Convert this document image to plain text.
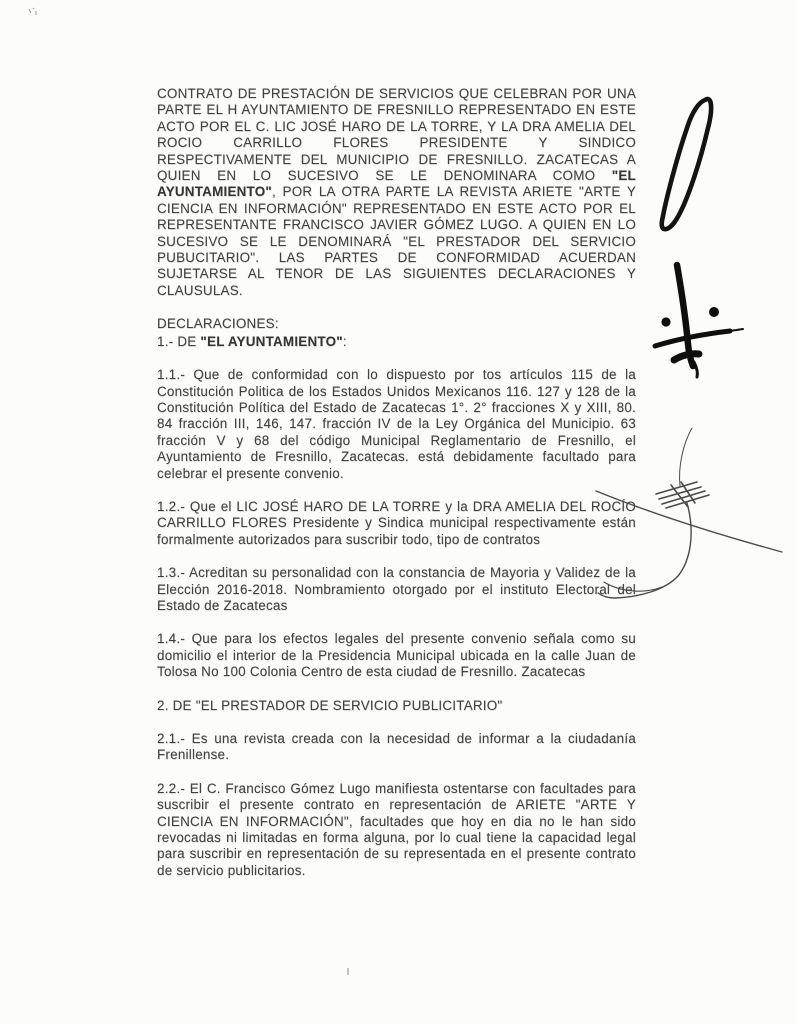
CONTRATO DE PRESTACIÓN DE SERVICIOS QUE CELEBRAN POR UNA PARTE EL H AYUNTAMIENTO DE FRESNILLO REPRESENTADO EN ESTE ACTO POR EL C. LIC JOSÉ HARO DE LA TORRE, Y LA DRA AMELIA DEL ROCIO CARRILLO FLORES PRESIDENTE Y SINDICO RESPECTIVAMENTE DEL MUNICIPIO DE FRESNILLO. ZACATECAS A QUIEN EN LO SUCESIVO SE LE DENOMINARA COMO "EL AYUNTAMIENTO", POR LA OTRA PARTE LA REVISTA ARIETE "ARTE Y CIENCIA EN INFORMACIÓN" REPRESENTADO EN ESTE ACTO POR EL REPRESENTANTE FRANCISCO JAVIER GÓMEZ LUGO. A QUIEN EN LO SUCESIVO SE LE DENOMINARÁ "EL PRESTADOR DEL SERVICIO PUBUCITARIO". LAS PARTES DE CONFORMIDAD ACUERDAN SUJETARSE AL TENOR DE LAS SIGUIENTES DECLARACIONES Y CLAUSULAS.

DECLARACIONES:

1.- DE "EL AYUNTAMIENTO":

1.1.- Que de conformidad con lo dispuesto por tos artículos 115 de la Constitución Politica de los Estados Unidos Mexicanos 116. 127 y 128 de la Constitución Política del Estado de Zacatecas 1°. 2° fracciones X y XIII, 80. 84 fracción III, 146, 147. fracción IV de la Ley Orgánica del Municipio. 63 fracción V y 68 del código Municipal Reglamentario de Fresnillo, el Ayuntamiento de Fresnillo, Zacatecas. está debidamente facultado para celebrar el presente convenio.

1.2.- Que el LIC JOSÉ HARO DE LA TORRE y la DRA AMELIA DEL ROCÍO CARRILLO FLORES Presidente y Sindica municipal respectivamente están formalmente autorizados para suscribir todo, tipo de contratos

1.3.- Acreditan su personalidad con la constancia de Mayoria y Validez de la Elección 2016-2018. Nombramiento otorgado por el instituto Electoral del Estado de Zacatecas

1.4.- Que para los efectos legales del presente convenio señala como su domicilio el interior de la Presidencia Municipal ubicada en la calle Juan de Tolosa No 100 Colonia Centro de esta ciudad de Fresnillo. Zacatecas

2. DE "EL PRESTADOR DE SERVICIO PUBLICITARIO"

2.1.- Es una revista creada con la necesidad de informar a la ciudadanía Frenillense.

2.2.- El C. Francisco Gómez Lugo manifiesta ostentarse con facultades para suscribir el presente contrato en representación de ARIETE "ARTE Y CIENCIA EN INFORMACIÓN", facultades que hoy en dia no le han sido revocadas ni limitadas en forma alguna, por lo cual tiene la capacidad legal para suscribir en representación de su representada en el presente contrato de servicio publicitarios.
